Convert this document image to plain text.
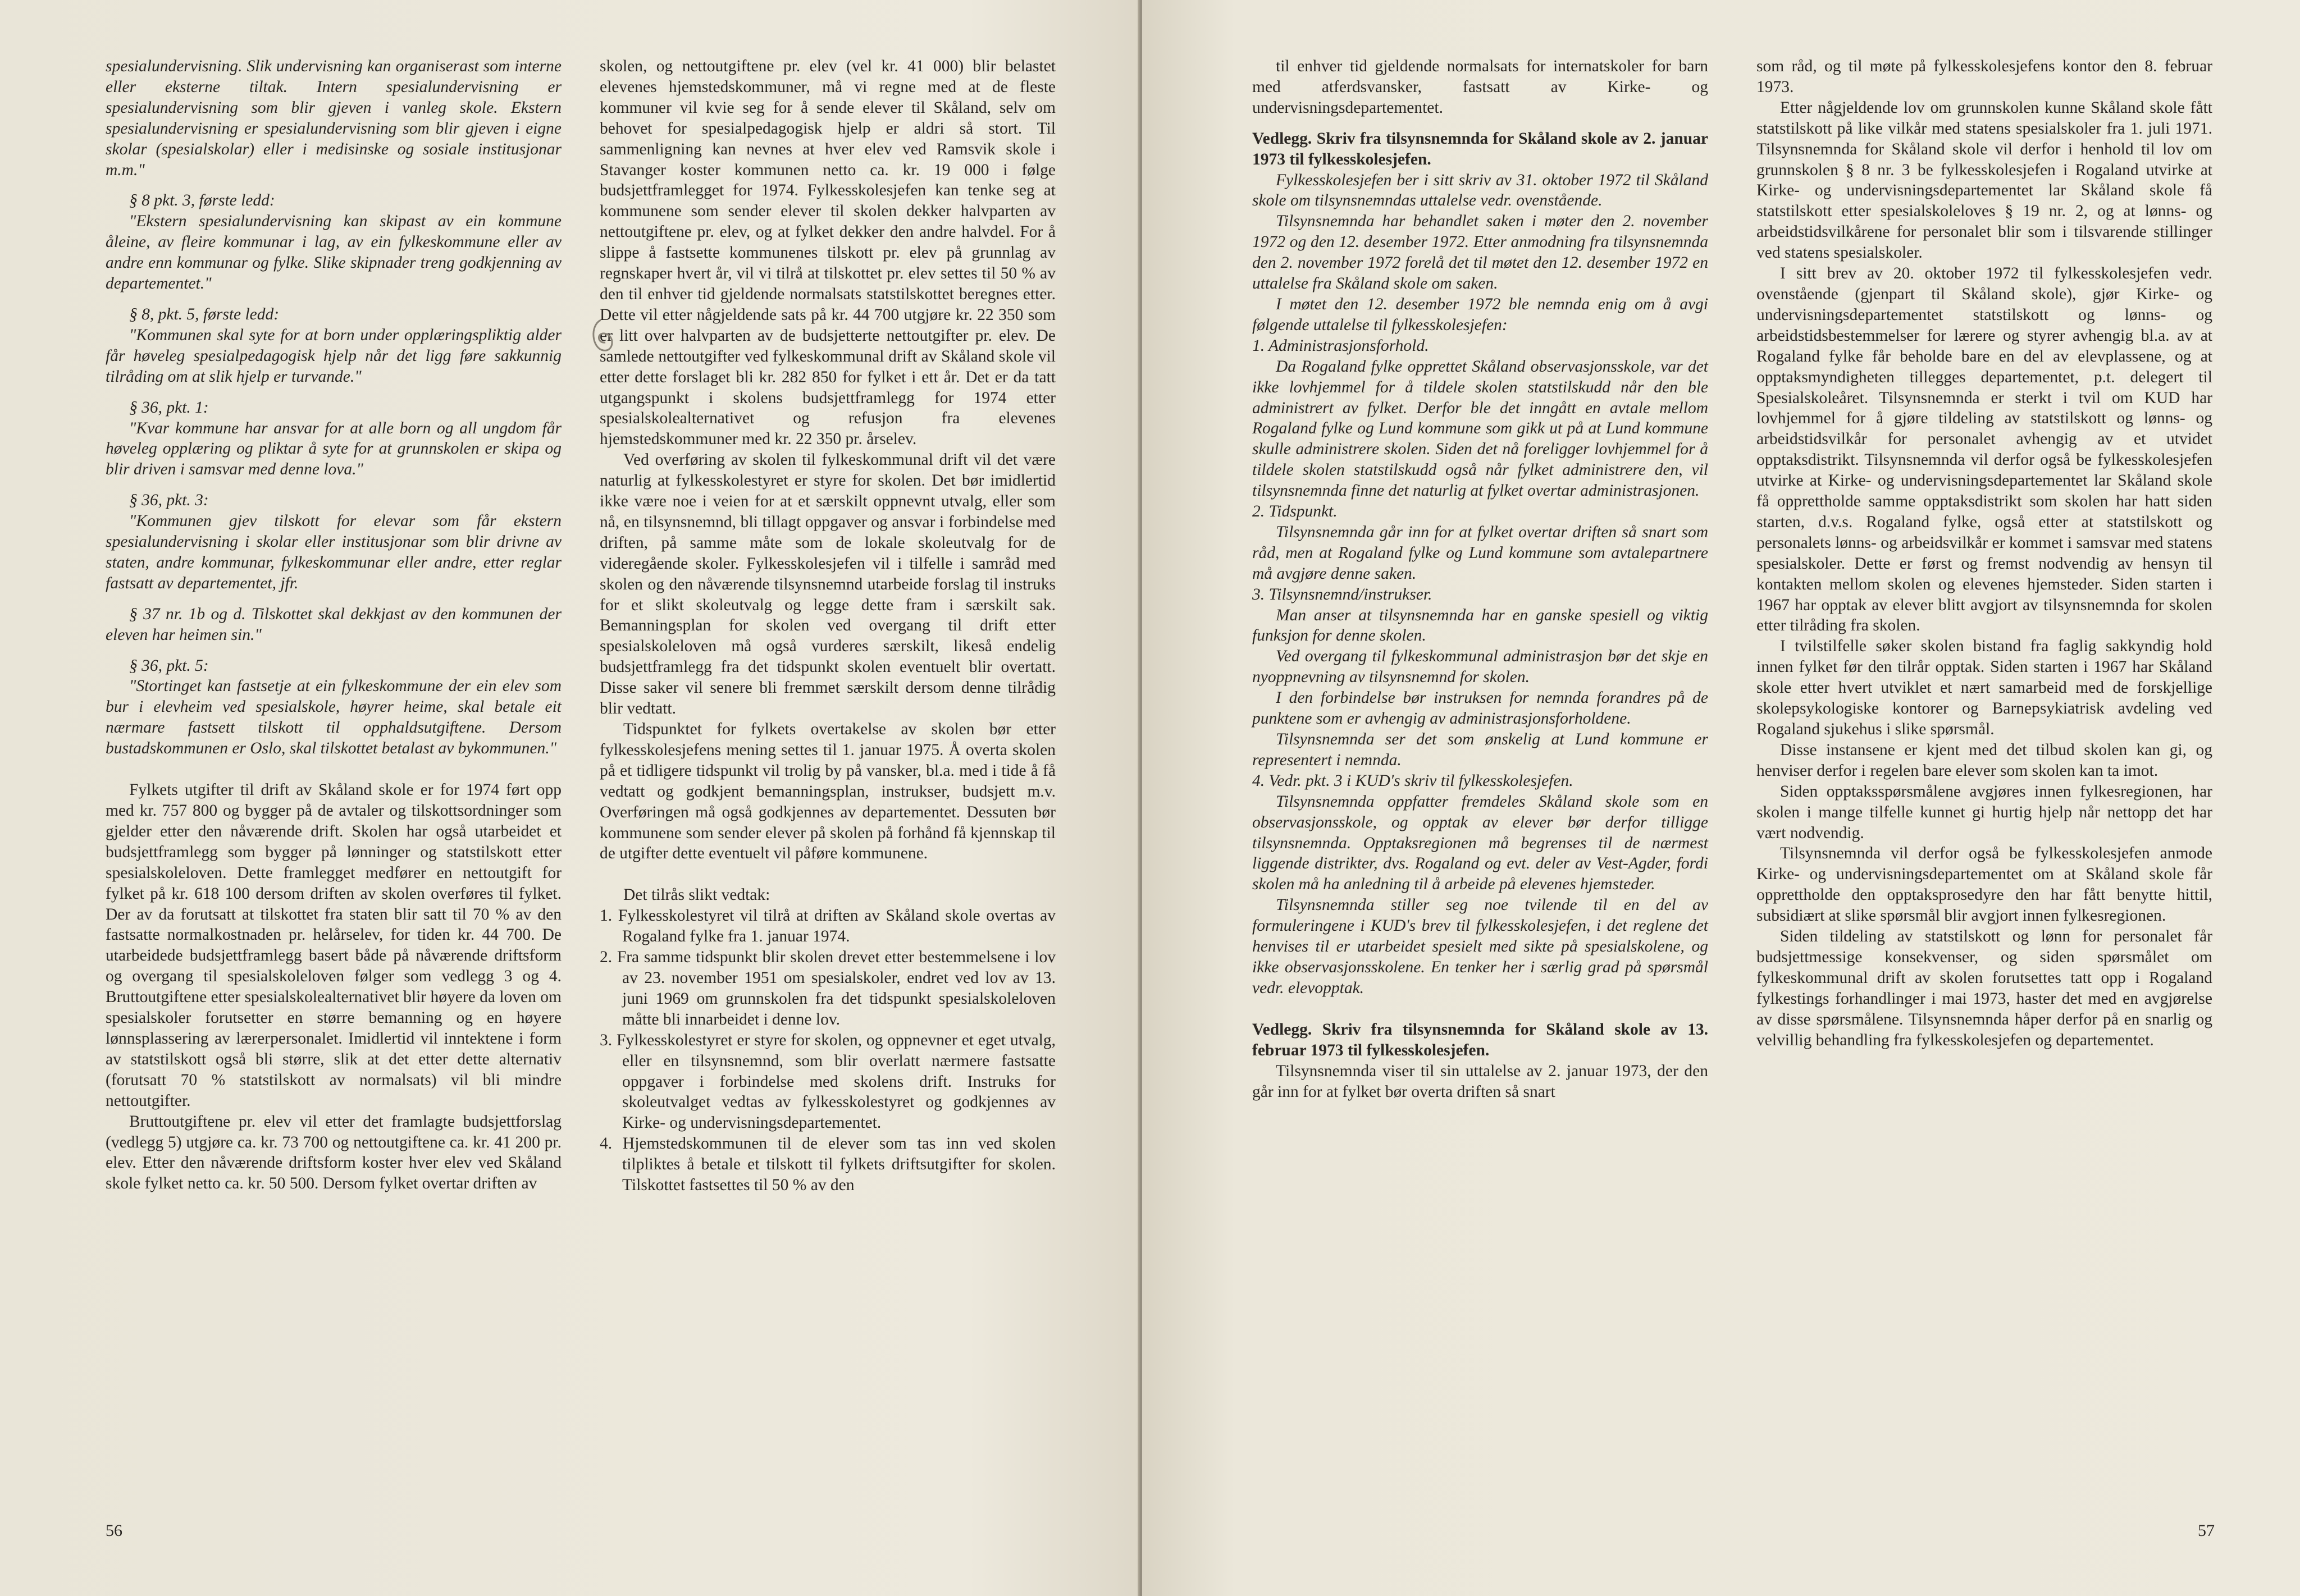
spesialundervisning. Slik undervisning kan organiserast som interne eller eksterne tiltak. Intern spesialundervisning er spesialundervisning som blir gjeven i vanleg skole. Ekstern spesialundervisning er spesialundervisning som blir gjeven i eigne skolar (spesialskolar) eller i medisinske og sosiale institusjonar m.m."

§ 8 pkt. 3, første ledd:

"Ekstern spesialundervisning kan skipast av ein kommune åleine, av fleire kommunar i lag, av ein fylkeskommune eller av andre enn kommunar og fylke. Slike skipnader treng godkjenning av departementet."

§ 8, pkt. 5, første ledd:

"Kommunen skal syte for at born under opplæringspliktig alder får høveleg spesialpedagogisk hjelp når det ligg føre sakkunnig tilråding om at slik hjelp er turvande."

§ 36, pkt. 1:

"Kvar kommune har ansvar for at alle born og all ungdom får høveleg opplæring og pliktar å syte for at grunnskolen er skipa og blir driven i samsvar med denne lova."

§ 36, pkt. 3:

"Kommunen gjev tilskott for elevar som får ekstern spesialundervisning i skolar eller institusjonar som blir drivne av staten, andre kommunar, fylkeskommunar eller andre, etter reglar fastsatt av departementet, jfr.

§ 37 nr. 1b og d. Tilskottet skal dekkjast av den kommunen der eleven har heimen sin."

§ 36, pkt. 5:

"Stortinget kan fastsetje at ein fylkeskommune der ein elev som bur i elevheim ved spesialskole, høyrer heime, skal betale eit nærmare fastsett tilskott til opphaldsutgiftene. Dersom bustadskommunen er Oslo, skal tilskottet betalast av bykommunen."

Fylkets utgifter til drift av Skåland skole er for 1974 ført opp med kr. 757 800 og bygger på de avtaler og tilskottsordninger som gjelder etter den nåværende drift. Skolen har også utarbeidet et budsjettframlegg som bygger på lønninger og statstilskott etter spesialskoleloven. Dette framlegget medfører en nettoutgift for fylket på kr. 618 100 dersom driften av skolen overføres til fylket. Der av da forutsatt at tilskottet fra staten blir satt til 70 % av den fastsatte normalkostnaden pr. helårselev, for tiden kr. 44 700. De utarbeidede budsjettframlegg basert både på nåværende driftsform og overgang til spesialskoleloven følger som vedlegg 3 og 4. Bruttoutgiftene etter spesialskolealternativet blir høyere da loven om spesialskoler forutsetter en større bemanning og en høyere lønnsplassering av lærerpersonalet. Imidlertid vil inntektene i form av statstilskott også bli større, slik at det etter dette alternativ (forutsatt 70 % statstilskott av normalsats) vil bli mindre nettoutgifter.

Bruttoutgiftene pr. elev vil etter det framlagte budsjettforslag (vedlegg 5) utgjøre ca. kr. 73 700 og nettoutgiftene ca. kr. 41 200 pr. elev. Etter den nåværende driftsform koster hver elev ved Skåland skole fylket netto ca. kr. 50 500. Dersom fylket overtar driften av

skolen, og nettoutgiftene pr. elev (vel kr. 41 000) blir belastet elevenes hjemstedskommuner, må vi regne med at de fleste kommuner vil kvie seg for å sende elever til Skåland, selv om behovet for spesialpedagogisk hjelp er aldri så stort. Til sammenligning kan nevnes at hver elev ved Ramsvik skole i Stavanger koster kommunen netto ca. kr. 19 000 i følge budsjettframlegget for 1974. Fylkesskolesjefen kan tenke seg at kommunene som sender elever til skolen dekker halvparten av nettoutgiftene pr. elev, og at fylket dekker den andre halvdel. For å slippe å fastsette kommunenes tilskott pr. elev på grunnlag av regnskaper hvert år, vil vi tilrå at tilskottet pr. elev settes til 50 % av den til enhver tid gjeldende normalsats statstilskottet beregnes etter. Dette vil etter någjeldende sats på kr. 44 700 utgjøre kr. 22 350 som er litt over halvparten av de budsjetterte nettoutgifter pr. elev. De samlede nettoutgifter ved fylkeskommunal drift av Skåland skole vil etter dette forslaget bli kr. 282 850 for fylket i ett år. Det er da tatt utgangspunkt i skolens budsjettframlegg for 1974 etter spesialskolealternativet og refusjon fra elevenes hjemstedskommuner med kr. 22 350 pr. årselev.

Ved overføring av skolen til fylkeskommunal drift vil det være naturlig at fylkesskolestyret er styre for skolen. Det bør imidlertid ikke være noe i veien for at et særskilt oppnevnt utvalg, eller som nå, en tilsynsnemnd, bli tillagt oppgaver og ansvar i forbindelse med driften, på samme måte som de lokale skoleutvalg for de videregående skoler. Fylkesskolesjefen vil i tilfelle i samråd med skolen og den nåværende tilsynsnemnd utarbeide forslag til instruks for et slikt skoleutvalg og legge dette fram i særskilt sak. Bemanningsplan for skolen ved overgang til drift etter spesialskoleloven må også vurderes særskilt, likeså endelig budsjettframlegg fra det tidspunkt skolen eventuelt blir overtatt. Disse saker vil senere bli fremmet særskilt dersom denne tilrådig blir vedtatt.

Tidspunktet for fylkets overtakelse av skolen bør etter fylkesskolesjefens mening settes til 1. januar 1975. Å overta skolen på et tidligere tidspunkt vil trolig by på vansker, bl.a. med i tide å få vedtatt og godkjent bemanningsplan, instrukser, budsjett m.v. Overføringen må også godkjennes av departementet. Dessuten bør kommunene som sender elever på skolen på forhånd få kjennskap til de utgifter dette eventuelt vil påføre kommunene.

Det tilrås slikt vedtak:

1. Fylkesskolestyret vil tilrå at driften av Skåland skole overtas av Rogaland fylke fra 1. januar 1974.

2. Fra samme tidspunkt blir skolen drevet etter bestemmelsene i lov av 23. november 1951 om spesialskoler, endret ved lov av 13. juni 1969 om grunnskolen fra det tidspunkt spesialskoleloven måtte bli innarbeidet i denne lov.

3. Fylkesskolestyret er styre for skolen, og oppnevner et eget utvalg, eller en tilsynsnemnd, som blir overlatt nærmere fastsatte oppgaver i forbindelse med skolens drift. Instruks for skoleutvalget vedtas av fylkesskolestyret og godkjennes av Kirke- og undervisningsdepartementet.

4. Hjemstedskommunen til de elever som tas inn ved skolen tilpliktes å betale et tilskott til fylkets driftsutgifter for skolen. Tilskottet fastsettes til 50 % av den

56

til enhver tid gjeldende normalsats for internatskoler for barn med atferdsvansker, fastsatt av Kirke- og undervisningsdepartementet.

Vedlegg. Skriv fra tilsynsnemnda for Skåland skole av 2. januar 1973 til fylkesskolesjefen.

Fylkesskolesjefen ber i sitt skriv av 31. oktober 1972 til Skåland skole om tilsynsnemndas uttalelse vedr. ovenstående.

Tilsynsnemnda har behandlet saken i møter den 2. november 1972 og den 12. desember 1972. Etter anmodning fra tilsynsnemnda den 2. november 1972 forelå det til møtet den 12. desember 1972 en uttalelse fra Skåland skole om saken.

I møtet den 12. desember 1972 ble nemnda enig om å avgi følgende uttalelse til fylkesskolesjefen:

1. Administrasjonsforhold.

Da Rogaland fylke opprettet Skåland observasjonsskole, var det ikke lovhjemmel for å tildele skolen statstilskudd når den ble administrert av fylket. Derfor ble det inngått en avtale mellom Rogaland fylke og Lund kommune som gikk ut på at Lund kommune skulle administrere skolen. Siden det nå foreligger lovhjemmel for å tildele skolen statstilskudd også når fylket administrere den, vil tilsynsnemnda finne det naturlig at fylket overtar administrasjonen.

2. Tidspunkt.

Tilsynsnemnda går inn for at fylket overtar driften så snart som råd, men at Rogaland fylke og Lund kommune som avtalepartnere må avgjøre denne saken.

3. Tilsynsnemnd/instrukser.

Man anser at tilsynsnemnda har en ganske spesiell og viktig funksjon for denne skolen.

Ved overgang til fylkeskommunal administrasjon bør det skje en nyoppnevning av tilsynsnemnd for skolen.

I den forbindelse bør instruksen for nemnda forandres på de punktene som er avhengig av administrasjonsforholdene.

Tilsynsnemnda ser det som ønskelig at Lund kommune er representert i nemnda.

4. Vedr. pkt. 3 i KUD's skriv til fylkesskolesjefen.

Tilsynsnemnda oppfatter fremdeles Skåland skole som en observasjonsskole, og opptak av elever bør derfor tilligge tilsynsnemnda. Opptaksregionen må begrenses til de nærmest liggende distrikter, dvs. Rogaland og evt. deler av Vest-Agder, fordi skolen må ha anledning til å arbeide på elevenes hjemsteder.

Tilsynsnemnda stiller seg noe tvilende til en del av formuleringene i KUD's brev til fylkesskolesjefen, i det reglene det henvises til er utarbeidet spesielt med sikte på spesialskolene, og ikke observasjonsskolene. En tenker her i særlig grad på spørsmål vedr. elevopptak.

Vedlegg. Skriv fra tilsynsnemnda for Skåland skole av 13. februar 1973 til fylkesskolesjefen.

Tilsynsnemnda viser til sin uttalelse av 2. januar 1973, der den går inn for at fylket bør overta driften så snart

som råd, og til møte på fylkesskolesjefens kontor den 8. februar 1973.

Etter någjeldende lov om grunnskolen kunne Skåland skole fått statstilskott på like vilkår med statens spesialskoler fra 1. juli 1971. Tilsynsnemnda for Skåland skole vil derfor i henhold til lov om grunnskolen § 8 nr. 3 be fylkesskolesjefen i Rogaland utvirke at Kirke- og undervisningsdepartementet lar Skåland skole få statstilskott etter spesialskoleloves § 19 nr. 2, og at lønns- og arbeidstidsvilkårene for personalet blir som i tilsvarende stillinger ved statens spesialskoler.

I sitt brev av 20. oktober 1972 til fylkesskolesjefen vedr. ovenstående (gjenpart til Skåland skole), gjør Kirke- og undervisningsdepartementet statstilskott og lønns- og arbeidstidsbestemmelser for lærere og styrer avhengig bl.a. av at Rogaland fylke får beholde bare en del av elevplassene, og at opptaksmyndigheten tillegges departementet, p.t. delegert til Spesialskoleåret. Tilsynsnemnda er sterkt i tvil om KUD har lovhjemmel for å gjøre tildeling av statstilskott og lønns- og arbeidstidsvilkår for personalet avhengig av et utvidet opptaksdistrikt. Tilsynsnemnda vil derfor også be fylkesskolesjefen utvirke at Kirke- og undervisningsdepartementet lar Skåland skole få opprettholde samme opptaksdistrikt som skolen har hatt siden starten, d.v.s. Rogaland fylke, også etter at statstilskott og personalets lønns- og arbeidsvilkår er kommet i samsvar med statens spesialskoler. Dette er først og fremst nodvendig av hensyn til kontakten mellom skolen og elevenes hjemsteder. Siden starten i 1967 har opptak av elever blitt avgjort av tilsynsnemnda for skolen etter tilråding fra skolen.

I tvilstilfelle søker skolen bistand fra faglig sakkyndig hold innen fylket før den tilrår opptak. Siden starten i 1967 har Skåland skole etter hvert utviklet et nært samarbeid med de forskjellige skolepsykologiske kontorer og Barnepsykiatrisk avdeling ved Rogaland sjukehus i slike spørsmål.

Disse instansene er kjent med det tilbud skolen kan gi, og henviser derfor i regelen bare elever som skolen kan ta imot.

Siden opptaksspørsmålene avgjøres innen fylkesregionen, har skolen i mange tilfelle kunnet gi hurtig hjelp når nettopp det har vært nodvendig.

Tilsynsnemnda vil derfor også be fylkesskolesjefen anmode Kirke- og undervisningsdepartementet om at Skåland skole får opprettholde den opptaksprosedyre den har fått benytte hittil, subsidiært at slike spørsmål blir avgjort innen fylkesregionen.

Siden tildeling av statstilskott og lønn for personalet får budsjettmessige konsekvenser, og siden spørsmålet om fylkeskommunal drift av skolen forutsettes tatt opp i Rogaland fylkestings forhandlinger i mai 1973, haster det med en avgjørelse av disse spørsmålene. Tilsynsnemnda håper derfor på en snarlig og velvillig behandling fra fylkesskolesjefen og departementet.

57
